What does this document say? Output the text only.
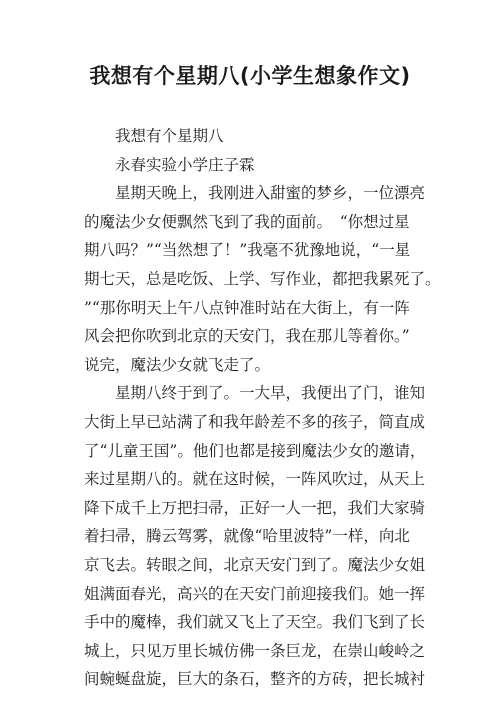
我想有个星期八(小学生想象作文)
　　我想有个星期八
　　永春实验小学庄子霖
　　星期天晚上，我刚进入甜蜜的梦乡，一位漂亮
的魔法少女便飘然飞到了我的面前。　“你想过星
期八吗？”“当然想了！”我毫不犹豫地说，“一星
期七天，总是吃饭、上学、写作业，都把我累死了。
”“那你明天上午八点钟准时站在大街上，有一阵
风会把你吹到北京的天安门，我在那儿等着你。”
说完，魔法少女就飞走了。
　　星期八终于到了。一大早，我便出了门，谁知
大街上早已站满了和我年龄差不多的孩子，简直成
了“儿童王国”。他们也都是接到魔法少女的邀请，
来过星期八的。就在这时候，一阵风吹过，从天上
降下成千上万把扫帚，正好一人一把，我们大家骑
着扫帚，腾云驾雾，就像“哈里波特”一样，向北
京飞去。转眼之间，北京天安门到了。魔法少女姐
姐满面春光，高兴的在天安门前迎接我们。她一挥
手中的魔棒，我们就又飞上了天空。我们飞到了长
城上，只见万里长城仿佛一条巨龙，在崇山峻岭之
间蜿蜒盘旋，巨大的条石，整齐的方砖，把长城衬
